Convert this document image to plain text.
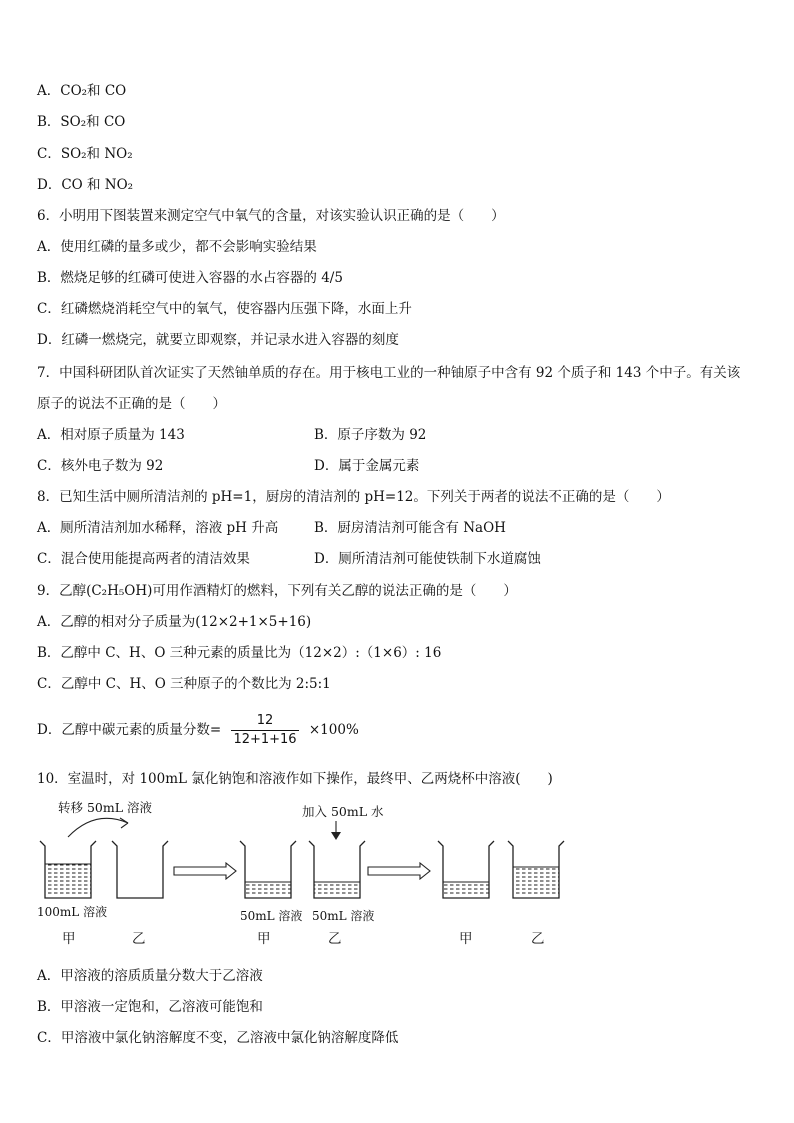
A．CO₂和 CO
B．SO₂和 CO
C．SO₂和 NO₂
D．CO 和 NO₂
6．小明用下图装置来测定空气中氧气的含量，对该实验认识正确的是（　　）
A．使用红磷的量多或少，都不会影响实验结果
B．燃烧足够的红磷可使进入容器的水占容器的 4/5
C．红磷燃烧消耗空气中的氧气，使容器内压强下降，水面上升
D．红磷一燃烧完，就要立即观察，并记录水进入容器的刻度
7．中国科研团队首次证实了天然铀单质的存在。用于核电工业的一种铀原子中含有 92 个质子和 143 个中子。有关该
原子的说法不正确的是（　　）
A．相对原子质量为 143	B．原子序数为 92
C．核外电子数为 92	D．属于金属元素
8．已知生活中厕所清洁剂的 pH=1，厨房的清洁剂的 pH=12。下列关于两者的说法不正确的是（　　）
A．厕所清洁剂加水稀释，溶液 pH 升高	B．厨房清洁剂可能含有 NaOH
C．混合使用能提高两者的清洁效果	D．厕所清洁剂可能使铁制下水道腐蚀
9．乙醇(C₂H₅OH)可用作酒精灯的燃料，下列有关乙醇的说法正确的是（　　）
A．乙醇的相对分子质量为(12×2+1×5+16)
B．乙醇中 C、H、O 三种元素的质量比为（12×2）:（1×6）: 16
C．乙醇中 C、H、O 三种原子的个数比为 2:5:1
D．乙醇中碳元素的质量分数= $\frac{12}{12+1+16} \times 100\%$
10．室温时，对 100mL 氯化钠饱和溶液作如下操作，最终甲、乙两烧杯中溶液(　　)
转移 50mL 溶液	加入 50mL 水
100mL 溶液	50mL 溶液 50mL 溶液
甲	乙	甲	乙	甲	乙
A．甲溶液的溶质质量分数大于乙溶液
B．甲溶液一定饱和，乙溶液可能饱和
C．甲溶液中氯化钠溶解度不变，乙溶液中氯化钠溶解度降低
